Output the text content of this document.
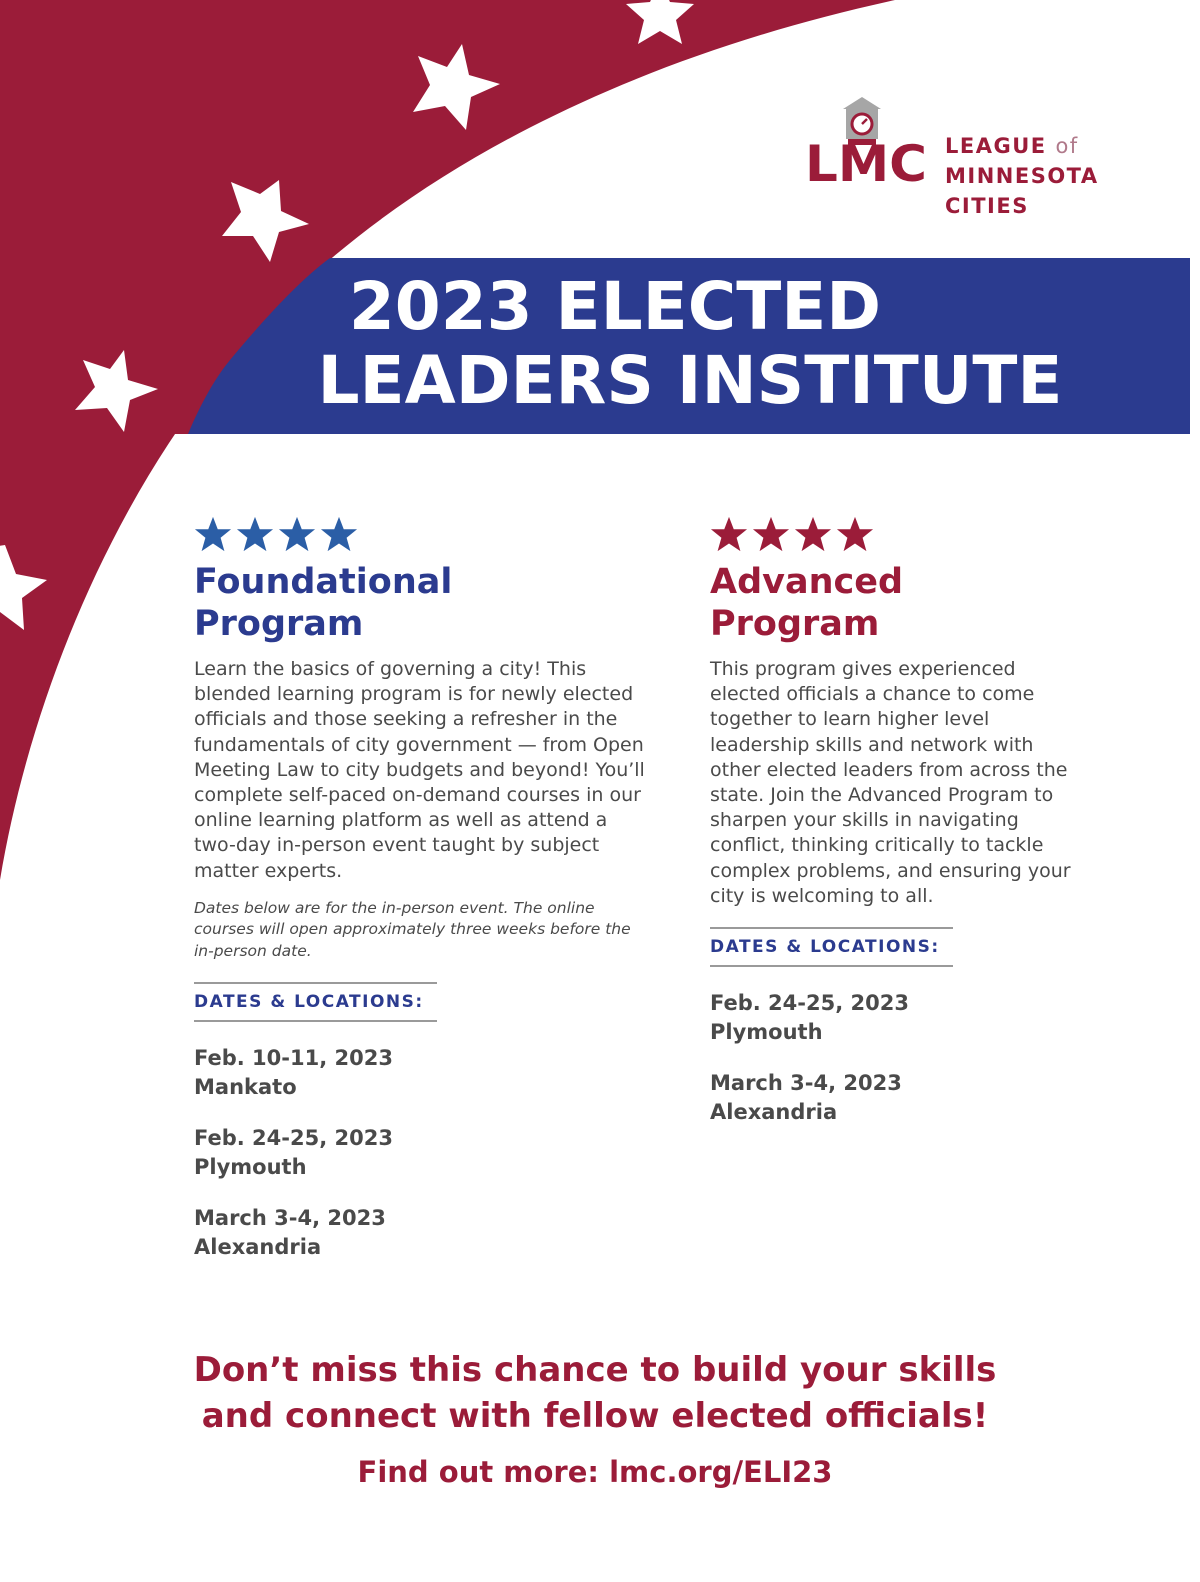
LMC LEAGUE of
MINNESOTA
CITIES
2023 ELECTED
LEADERS INSTITUTE
Foundational
Program

Learn the basics of governing a city! This blended learning program is for newly elected officials and those seeking a refresher in the fundamentals of city government — from Open Meeting Law to city budgets and beyond! You’ll complete self-paced on-demand courses in our online learning platform as well as attend a two-day in-person event taught by subject matter experts.

Dates below are for the in-person event. The online courses will open approximately three weeks before the in-person date.

DATES & LOCATIONS:
Feb. 10-11, 2023
Mankato
Feb. 24-25, 2023
Plymouth
March 3-4, 2023
Alexandria
Advanced
Program

This program gives experienced elected officials a chance to come together to learn higher level leadership skills and network with other elected leaders from across the state. Join the Advanced Program to sharpen your skills in navigating conflict, thinking critically to tackle complex problems, and ensuring your city is welcoming to all.

DATES & LOCATIONS:
Feb. 24-25, 2023
Plymouth
March 3-4, 2023
Alexandria
Don’t miss this chance to build your skills
and connect with fellow elected officials!
Find out more: lmc.org/ELI23
